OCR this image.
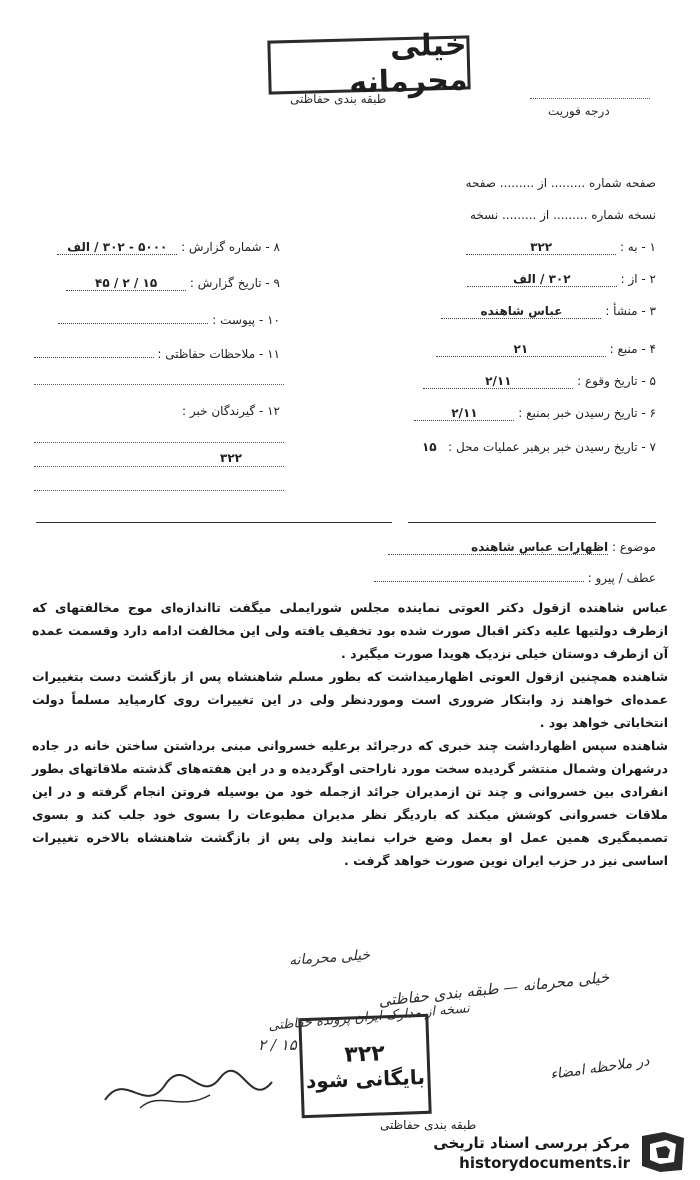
خیلی محرمانه
طبقه بندی حفاظتی
درجه فوریت
صفحه شماره ......... از ......... صفحه
نسخه شماره ......... از ......... نسخه
۱ - به : ۳۲۲
۲ - از : ۳۰۲ / الف
۳ - منشأ : عباس شاهنده
۴ - منبع : ۲۱
۵ - تاریخ وقوع : ۲/۱۱
۶ - تاریخ رسیدن خبر بمنبع : ۲/۱۱
۷ - تاریخ رسیدن خبر برهبر عملیات محل : ۱۵
۸ - شماره گزارش : ۵۰۰۰ - ۳۰۲ / الف
۹ - تاریخ گزارش : ۱۵ / ۲ / ۴۵
۱۰ - پیوست :
۱۱ - ملاحظات حفاظتی :
۱۲ - گیرندگان خبر :
۳۲۲
موضوع : اظهارات عباس شاهنده
عطف / پیرو :

عباس شاهنده ازقول دکتر العوتی نماینده مجلس شورایملی میگفت تااندازه‌ای موج مخالفتهای که ازطرف دولتیها علیه دکتر اقبال صورت شده بود تخفیف یافته ولی این مخالفت ادامه دارد وقسمت عمده آن ازطرف دوستان خیلی نزدیک هویدا صورت میگیرد .

شاهنده همچنین ازقول العوتی اظهارمیداشت که بطور مسلم شاهنشاه پس از بازگشت دست بتغییرات عمده‌ای خواهند زد وابتکار ضروری است وموردنظر ولی در این تغییرات روی کارمیاید مسلماً دولت انتخاباتی خواهد بود .

شاهنده سپس اظهارداشت چند خبری که درجرائد برعلیه خسروانی مبنی برداشتن ساختن خانه در جاده درشهران وشمال منتشر گردیده سخت مورد ناراحتی اوگردیده و در این هفته‌های گذشته ملاقاتهای بطور انفرادی بین خسروانی و چند تن ازمدیران جرائد ازجمله خود من بوسیله فروتن انجام گرفته و در این ملاقات خسروانی کوشش میکند که باردیگر نظر مدیران مطبوعات را بسوی خود جلب کند و بسوی تصمیمگیری همین عمل او بعمل وضع خراب نمایند ولی پس از بازگشت شاهنشاه بالاخره تغییرات اساسی نیز در حزب ایران نوین صورت خواهد گرفت .

خیلی محرمانه
خیلی محرمانه — طبقه بندی حفاظتی
نسخه از مدارک ایران پرونده حفاظتی
۱۵ / ۲
در ملاحظه امضاء
۳۲۲
بایگانی شود
طبقه بندی حفاظتی
مرکز بررسی اسناد تاریخی
historydocuments.ir
